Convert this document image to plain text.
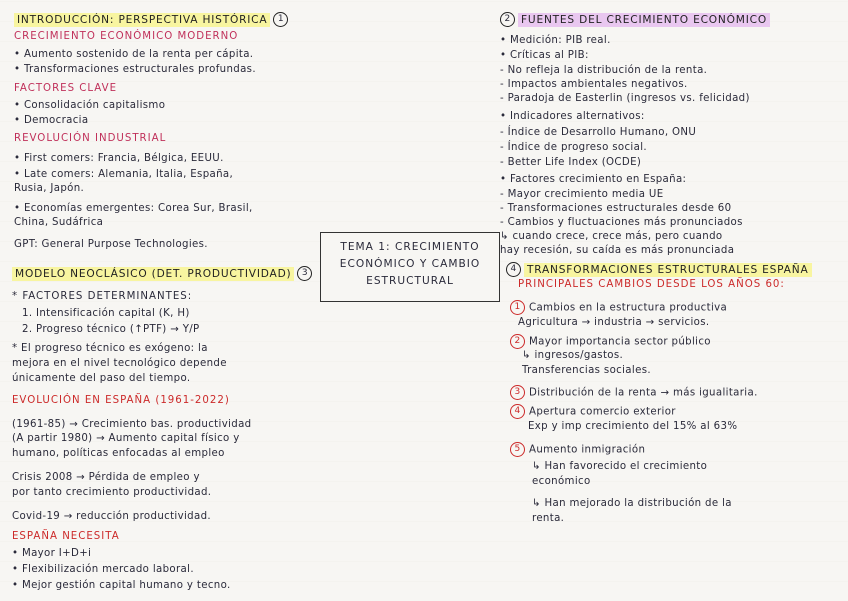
INTRODUCCIÓN: PERSPECTIVA HISTÓRICA 1
CRECIMIENTO ECONÓMICO MODERNO
• Aumento sostenido de la renta per cápita.
• Transformaciones estructurales profundas.
FACTORES CLAVE
• Consolidación capitalismo
• Democracia
REVOLUCIÓN INDUSTRIAL
• First comers: Francia, Bélgica, EEUU.
• Late comers: Alemania, Italia, España,
Rusia, Japón.
• Economías emergentes: Corea Sur, Brasil,
China, Sudáfrica
GPT: General Purpose Technologies.
2 FUENTES DEL CRECIMIENTO ECONÓMICO
• Medición: PIB real.
• Críticas al PIB:
- No refleja la distribución de la renta.
- Impactos ambientales negativos.
- Paradoja de Easterlin (ingresos vs. felicidad)
• Indicadores alternativos:
- Índice de Desarrollo Humano, ONU
- Índice de progreso social.
- Better Life Index (OCDE)
• Factores crecimiento en España:
- Mayor crecimiento media UE
- Transformaciones estructurales desde 60
- Cambios y fluctuaciones más pronunciados
↳ cuando crece, crece más, pero cuando
hay recesión, su caída es más pronunciada
TEMA 1: CRECIMIENTO
ECONÓMICO Y CAMBIO
ESTRUCTURAL
MODELO NEOCLÁSICO (DET. PRODUCTIVIDAD) 3
* FACTORES DETERMINANTES:
1. Intensificación capital (K, H)
2. Progreso técnico (↑PTF) → Y/P
* El progreso técnico es exógeno: la
mejora en el nivel tecnológico depende
únicamente del paso del tiempo.
EVOLUCIÓN EN ESPAÑA (1961-2022)
(1961-85) → Crecimiento bas. productividad
(A partir 1980) → Aumento capital físico y
humano, políticas enfocadas al empleo
Crisis 2008 → Pérdida de empleo y
por tanto crecimiento productividad.
Covid-19 → reducción productividad.
ESPAÑA NECESITA
• Mayor I+D+i
• Flexibilización mercado laboral.
• Mejor gestión capital humano y tecno.
4 TRANSFORMACIONES ESTRUCTURALES ESPAÑA
PRINCIPALES CAMBIOS DESDE LOS AÑOS 60:
1 Cambios en la estructura productiva
Agricultura → industria → servicios.
2 Mayor importancia sector público
↳ ingresos/gastos.
Transferencias sociales.
3 Distribución de la renta → más igualitaria.
4 Apertura comercio exterior
Exp y imp crecimiento del 15% al 63%
5 Aumento inmigración
↳ Han favorecido el crecimiento
económico
↳ Han mejorado la distribución de la
renta.
